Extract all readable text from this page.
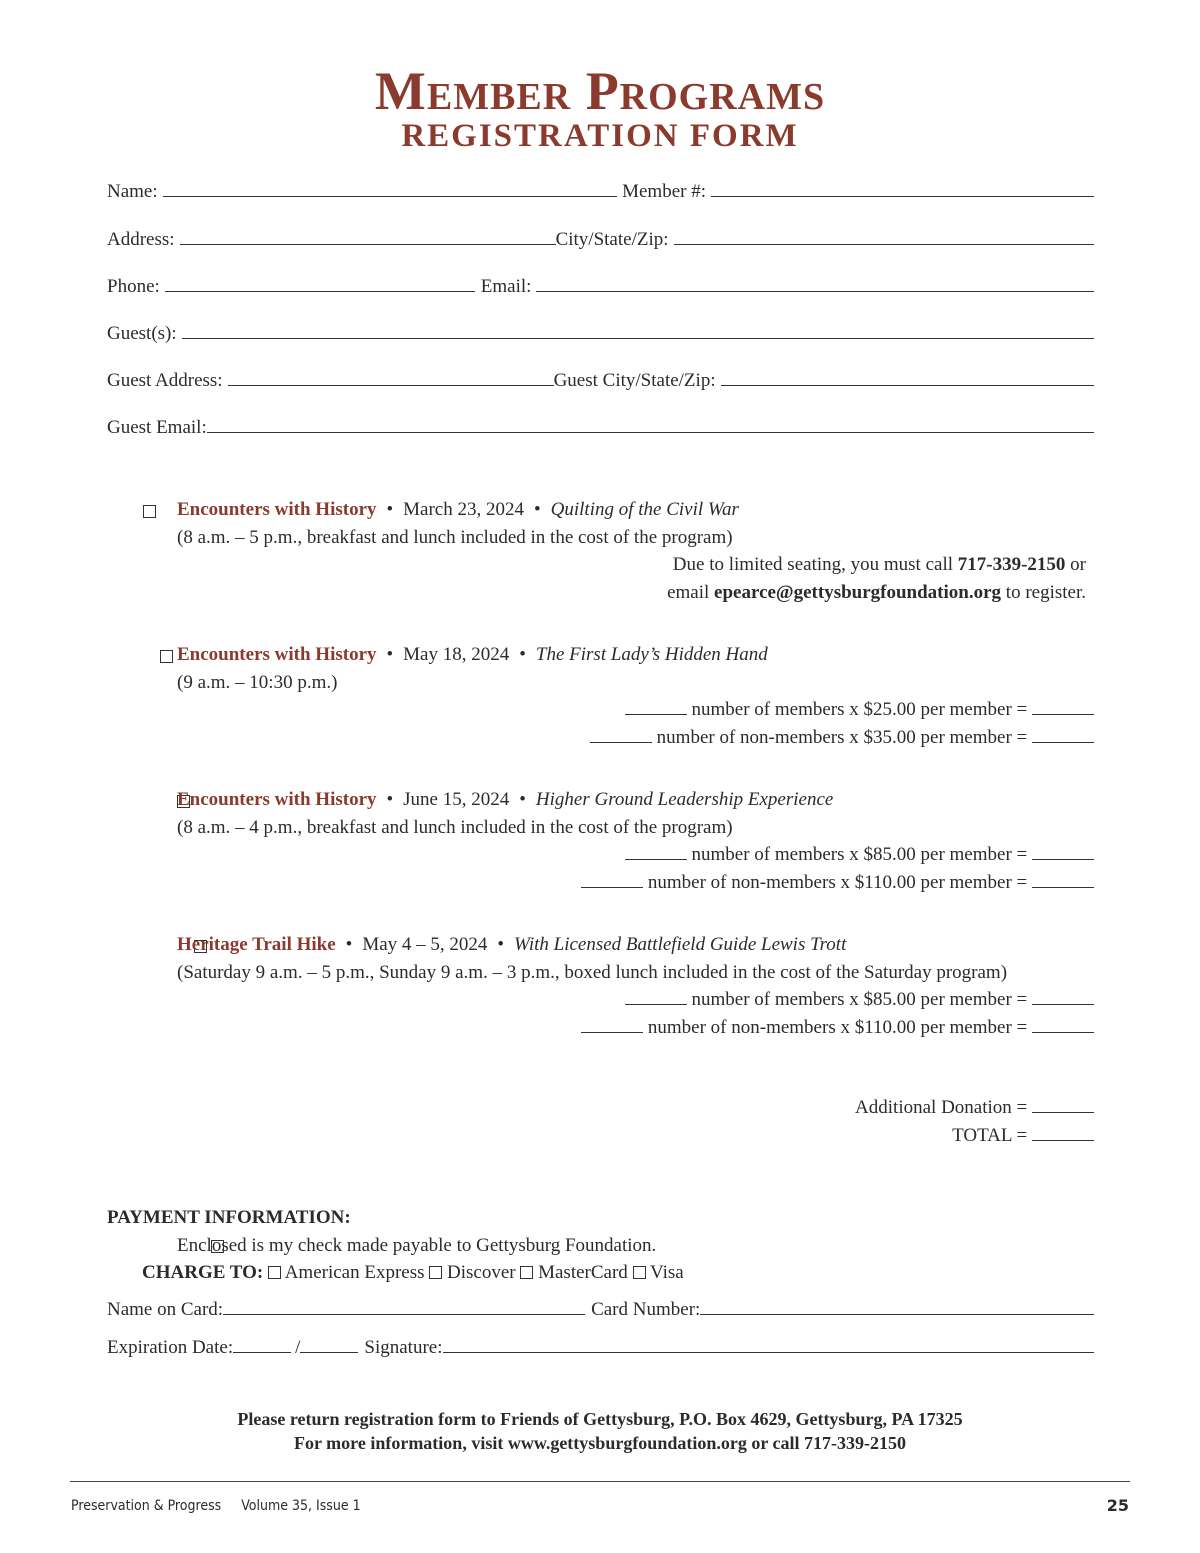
Member Programs
REGISTRATION FORM
Name:	Member #:
Address:	City/State/Zip:
Phone:	Email:
Guest(s):
Guest Address:	Guest City/State/Zip:
Guest Email:

Encounters with History • March 23, 2024 • Quilting of the Civil War
(8 a.m. – 5 p.m., breakfast and lunch included in the cost of the program)
Due to limited seating, you must call 717-339-2150 or
email epearce@gettysburgfoundation.org to register.

Encounters with History • May 18, 2024 • The First Lady’s Hidden Hand
(9 a.m. – 10:30 p.m.)
number of members x $25.00 per member =
number of non-members x $35.00 per member =

Encounters with History • June 15, 2024 • Higher Ground Leadership Experience
(8 a.m. – 4 p.m., breakfast and lunch included in the cost of the program)
number of members x $85.00 per member =
number of non-members x $110.00 per member =

Heritage Trail Hike • May 4 – 5, 2024 • With Licensed Battlefield Guide Lewis Trott
(Saturday 9 a.m. – 5 p.m., Sunday 9 a.m. – 3 p.m., boxed lunch included in the cost of the Saturday program)
number of members x $85.00 per member =
number of non-members x $110.00 per member =
Additional Donation =
TOTAL =
PAYMENT INFORMATION:
Enclosed is my check made payable to Gettysburg Foundation.
CHARGE TO: American Express Discover MasterCard Visa
Name on Card:	Card Number:
Expiration Date:	/	Signature:
Please return registration form to Friends of Gettysburg, P.O. Box 4629, Gettysburg, PA 17325
For more information, visit www.gettysburgfoundation.org or call 717-339-2150
Preservation & Progress Volume 35, Issue 1	25
